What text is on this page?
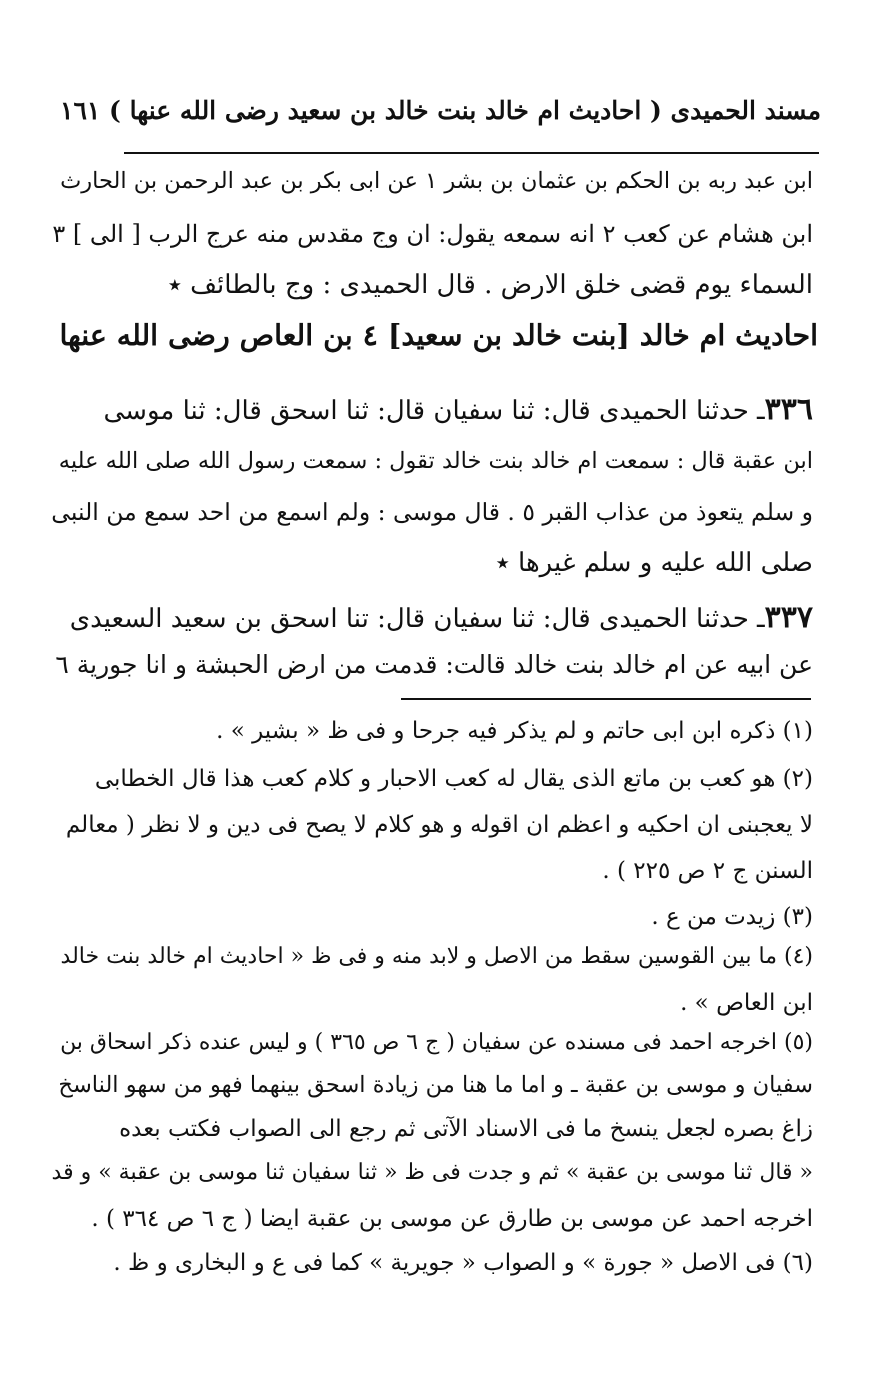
مسند الحميدى ( احاديث ام خالد بنت خالد بن سعيد رضى الله عنها ) ١٦١
ابن عبد ربه بن الحكم بن عثمان بن بشر ١ عن ابى بكر بن عبد الرحمن بن الحارث
ابن هشام عن كعب ٢ انه سمعه يقول: ان وج مقدس منه عرج الرب [ الى ] ٣
السماء يوم قضى خلق الارض . قال الحميدى : وج بالطائف ٭
احاديث ام خالد [بنت خالد بن سعيد] ٤ بن العاص رضى الله عنها
٣٣٦ـ حدثنا الحميدى قال: ثنا سفيان قال: ثنا اسحق قال: ثنا موسى
ابن عقبة قال : سمعت ام خالد بنت خالد تقول : سمعت رسول الله صلى الله عليه
و سلم يتعوذ من عذاب القبر ٥ . قال موسى : ولم اسمع من احد سمع من النبى
صلى الله عليه و سلم غيرها ٭
٣٣٧ـ حدثنا الحميدى قال: ثنا سفيان قال: تنا اسحق بن سعيد السعيدى
عن ابيه عن ام خالد بنت خالد قالت: قدمت من ارض الحبشة و انا جورية ٦
(١) ذكره ابن ابى حاتم و لم يذكر فيه جرحا و فى ظ « بشير » .
(٢) هو كعب بن ماتع الذى يقال له كعب الاحبار و كلام كعب هذا قال الخطابى
لا يعجبنى ان احكيه و اعظم ان اقوله و هو كلام لا يصح فى دين و لا نظر ( معالم
السنن ج ٢ ص ٢٢٥ ) .
(٣) زيدت من ع .
(٤) ما بين القوسين سقط من الاصل و لابد منه و فى ظ « احاديث ام خالد بنت خالد
ابن العاص » .
(٥) اخرجه احمد فى مسنده عن سفيان ( ج ٦ ص ٣٦٥ ) و ليس عنده ذكر اسحاق بن
سفيان و موسى بن عقبة ـ و اما ما هنا من زيادة اسحق بينهما فهو من سهو الناسخ
زاغ بصره لجعل ينسخ ما فى الاسناد الآتى ثم رجع الى الصواب فكتب بعده
« قال ثنا موسى بن عقبة » ثم و جدت فى ظ « ثنا سفيان ثنا موسى بن عقبة » و قد
اخرجه احمد عن موسى بن طارق عن موسى بن عقبة ايضا ( ج ٦ ص ٣٦٤ ) .
(٦) فى الاصل « جورة » و الصواب « جويرية » كما فى ع و البخارى و ظ .
